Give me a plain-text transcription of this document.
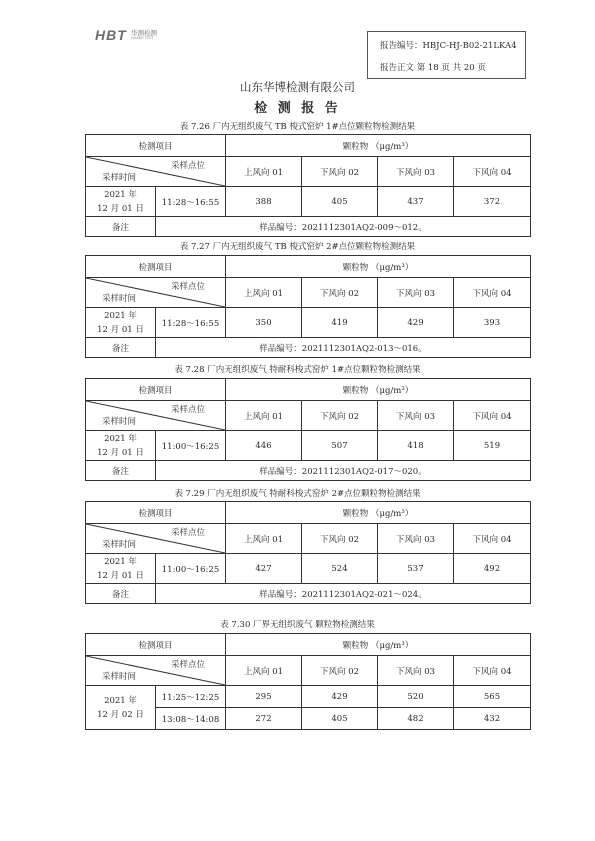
HBT 华测检测
HUABO TEST
报告编号：HBJC-HJ-B02-21LKA4
报告正文 第 18 页 共 20 页
山东华博检测有限公司
检 测 报 告
表 7.26 厂内无组织废气 TB 梭式窑炉 1#点位颗粒物检测结果
检测项目		颗粒物 （μg/m³）			

采样点位
采样时间		上风向 01	下风向 02	下风向 03	下风向 04

2021 年
12 月 01 日	11:28～16:55	388	405	437	372
备注	样品编号：2021112301AQ2-009～012。				
表 7.27 厂内无组织废气 TB 梭式窑炉 2#点位颗粒物检测结果
检测项目		颗粒物 （μg/m³）			

采样点位
采样时间		上风向 01	下风向 02	下风向 03	下风向 04

2021 年
12 月 01 日	11:28～16:55	350	419	429	393
备注	样品编号：2021112301AQ2-013～016。				
表 7.28 厂内无组织废气 特耐科梭式窑炉 1#点位颗粒物检测结果
检测项目		颗粒物 （μg/m³）			

采样点位
采样时间		上风向 01	下风向 02	下风向 03	下风向 04

2021 年
12 月 01 日	11:00～16:25	446	507	418	519
备注	样品编号：2021112301AQ2-017～020。				
表 7.29 厂内无组织废气 特耐科梭式窑炉 2#点位颗粒物检测结果
检测项目		颗粒物 （μg/m³）			

采样点位
采样时间		上风向 01	下风向 02	下风向 03	下风向 04

2021 年
12 月 01 日	11:00～16:25	427	524	537	492
备注	样品编号：2021112301AQ2-021～024。				
表 7.30 厂界无组织废气 颗粒物检测结果
检测项目		颗粒物 （μg/m³）			

采样点位
采样时间		上风向 01	下风向 02	下风向 03	下风向 04

2021 年
12 月 02 日	11:25～12:25	295	429	520	565
	13:08～14:08	272	405	482	432
